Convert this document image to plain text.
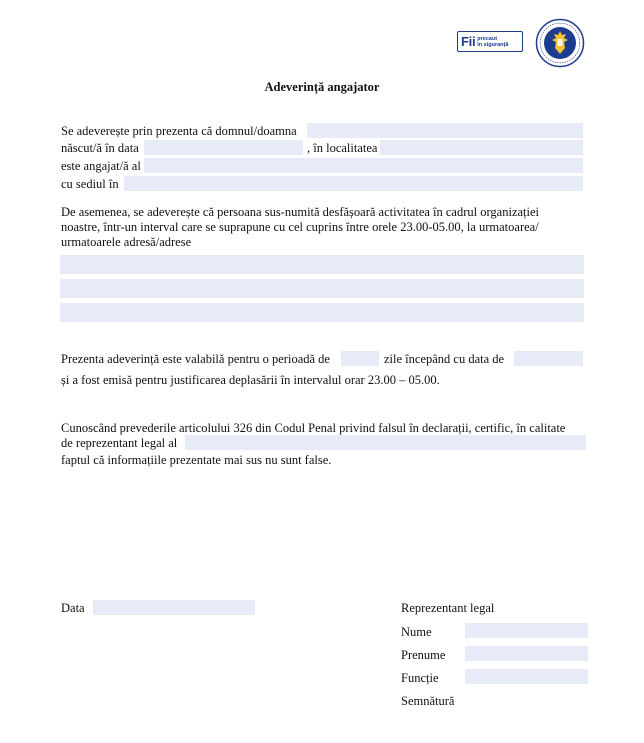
Fii precaut
în siguranță
Adeverință angajator
Se adeverește prin prezenta că domnul/doamna
născut/ă în data	, în localitatea
este angajat/ă al
cu sediul în
De asemenea, se adeverește că persoana sus-numită desfășoară activitatea în cadrul organizației
noastre, într-un interval care se suprapune cu cel cuprins între orele 23.00-05.00, la urmatoarea/
urmatoarele adresă/adrese
Prezenta adeverință este valabilă pentru o perioadă de	zile începând cu data de
și a fost emisă pentru justificarea deplasării în intervalul orar 23.00 – 05.00.
Cunoscând prevederile articolului 326 din Codul Penal privind falsul în declarații, certific, în calitate
de reprezentant legal al
faptul că informațiile prezentate mai sus nu sunt false.
Data	Reprezentant legal
Nume
Prenume
Funcție
Semnătură
